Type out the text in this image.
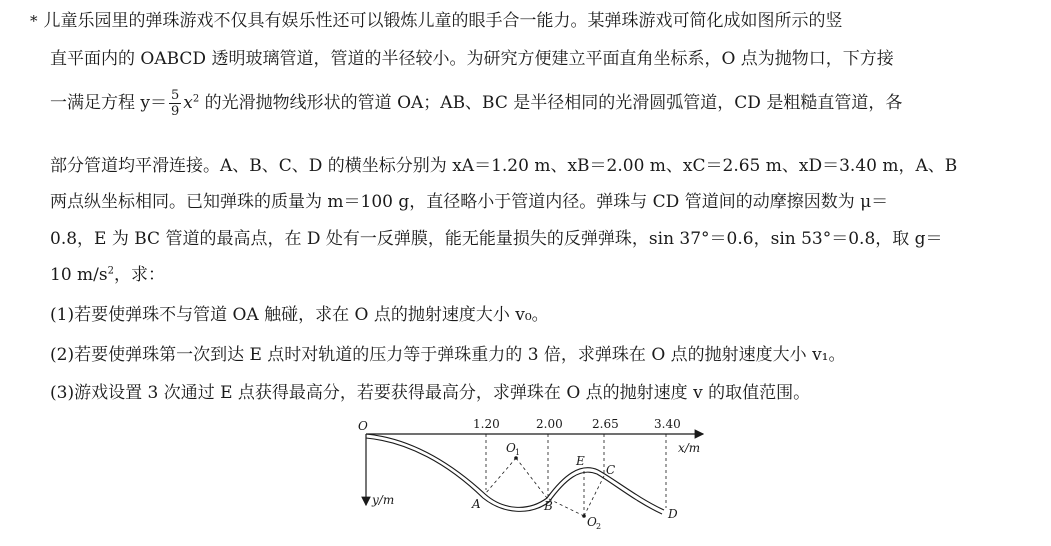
* 儿童乐园里的弹珠游戏不仅具有娱乐性还可以锻炼儿童的眼手合一能力。某弹珠游戏可简化成如图所示的竖
直平面内的 OABCD 透明玻璃管道，管道的半径较小。为研究方便建立平面直角坐标系，O 点为抛物口，下方接
一满足方程 $y= \frac{5}{9} x^2$ 的光滑抛物线形状的管道 OA；AB、BC 是半径相同的光滑圆弧管道，CD 是粗糙直管道，各
部分管道均平滑连接。A、B、C、D 的横坐标分别为 xA＝1.20 m、xB＝2.00 m、xC＝2.65 m、xD＝3.40 m，A、B
两点纵坐标相同。已知弹珠的质量为 m＝100 g，直径略小于管道内径。弹珠与 CD 管道间的动摩擦因数为 μ＝
0.8，E 为 BC 管道的最高点，在 D 处有一反弹膜，能无能量损失的反弹弹珠，sin 37°＝0.6，sin 53°＝0.8，取 g＝
10 $m/s^2$，求：
(1)若要使弹珠不与管道 OA 触碰，求在 O 点的抛射速度大小 v₀。
(2)若要使弹珠第一次到达 E 点时对轨道的压力等于弹珠重力的 3 倍，求弹珠在 O 点的抛射速度大小 v₁。
(3)游戏设置 3 次通过 E 点获得最高分，若要获得最高分，求弹珠在 O 点的抛射速度 v 的取值范围。
O	1.20	2.00 2.65	3.40
x/m
y/m	A	B
C
D
E
O 1
O 2
